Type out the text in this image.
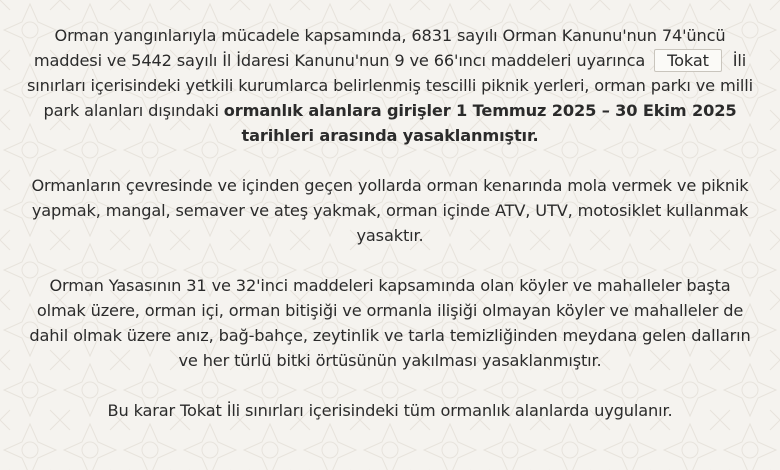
Orman yangınlarıyla mücadele kapsamında, 6831 sayılı Orman Kanunu'nun 74'üncü maddesi ve 5442 sayılı İl İdaresi Kanunu'nun 9 ve 66'ıncı maddeleri uyarınca Tokat İli sınırları içerisindeki yetkili kurumlarca belirlenmiş tescilli piknik yerleri, orman parkı ve milli park alanları dışındaki ormanlık alanlara girişler 1 Temmuz 2025 – 30 Ekim 2025 tarihleri arasında yasaklanmıştır.

Ormanların çevresinde ve içinden geçen yollarda orman kenarında mola vermek ve piknik yapmak, mangal, semaver ve ateş yakmak, orman içinde ATV, UTV, motosiklet kullanmak yasaktır.

Orman Yasasının 31 ve 32'inci maddeleri kapsamında olan köyler ve mahalleler başta olmak üzere, orman içi, orman bitişiği ve ormanla ilişiği olmayan köyler ve mahalleler de dahil olmak üzere anız, bağ-bahçe, zeytinlik ve tarla temizliğinden meydana gelen dalların ve her türlü bitki örtüsünün yakılması yasaklanmıştır.

Bu karar Tokat İli sınırları içerisindeki tüm ormanlık alanlarda uygulanır.
